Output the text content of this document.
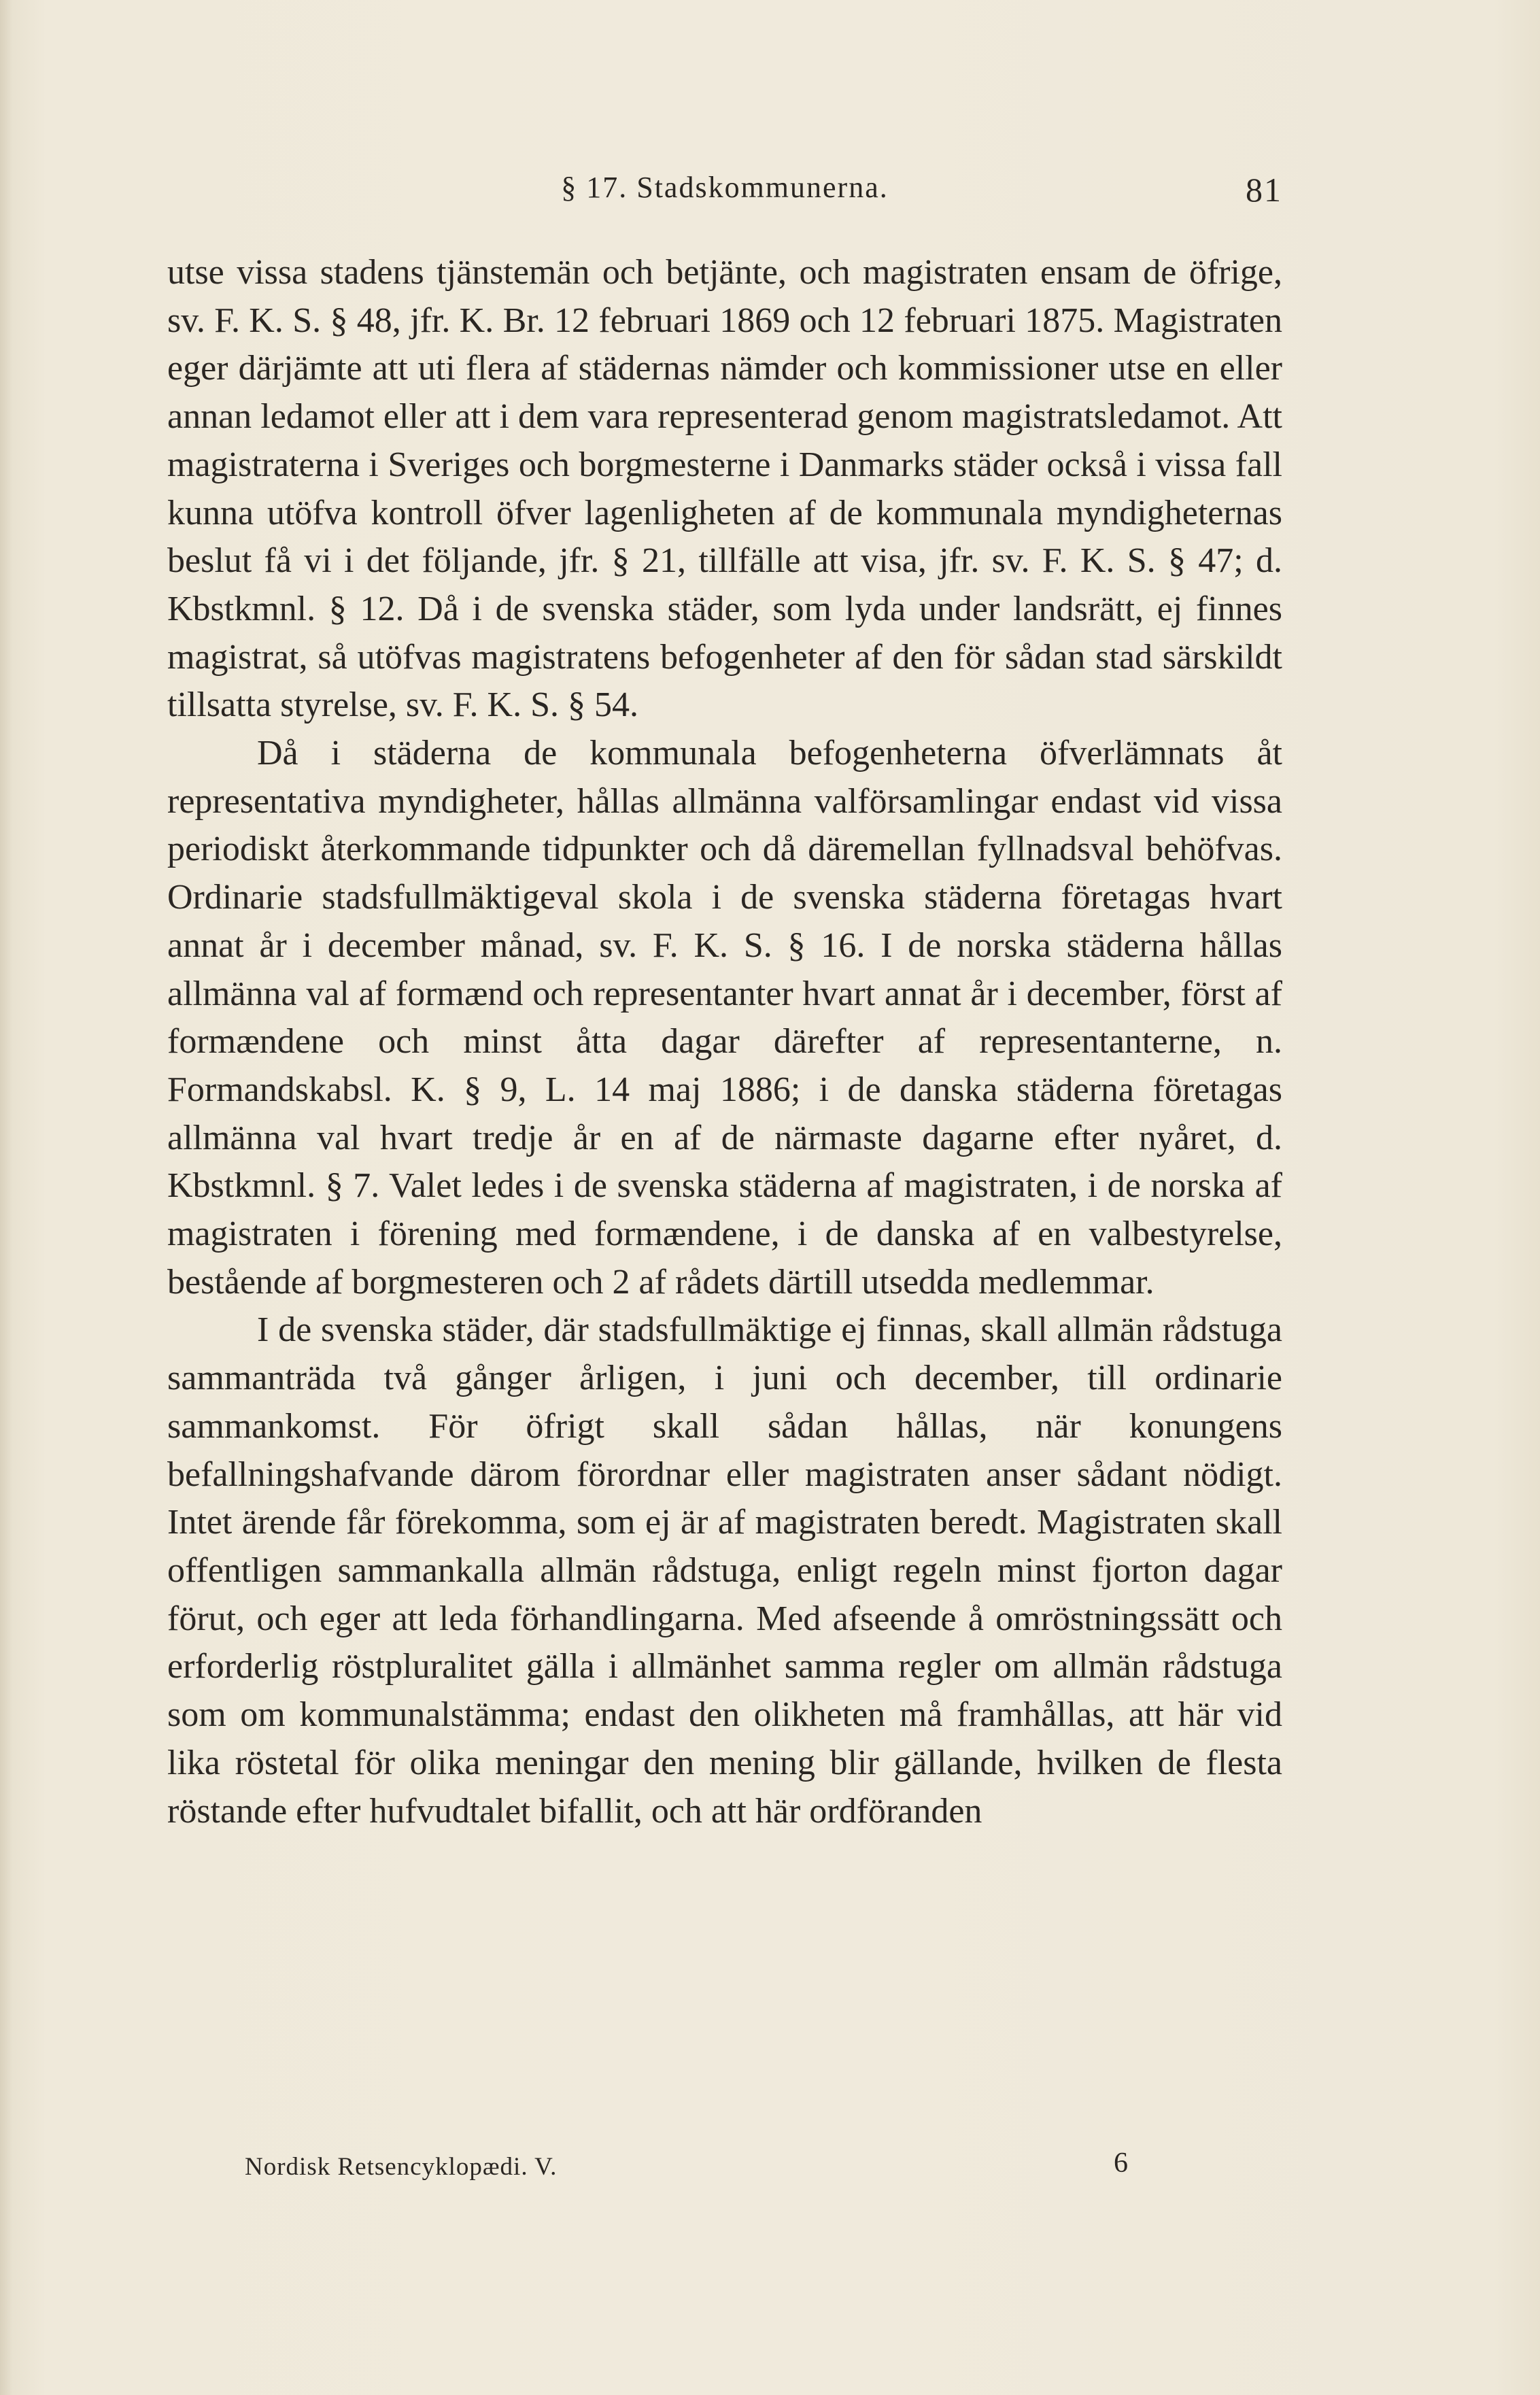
§ 17. Stadskommunerna.	81

utse vissa stadens tjänstemän och betjänte, och magistraten ensam de öfrige, sv. F. K. S. § 48, jfr. K. Br. 12 februari 1869 och 12 februari 1875. Magistraten eger därjämte att uti flera af städernas nämder och kommissioner utse en eller annan ledamot eller att i dem vara representerad genom magistratsledamot. Att magistraterna i Sveriges och borgmesterne i Danmarks städer också i vissa fall kunna utöfva kontroll öfver lagenligheten af de kommunala myndigheternas beslut få vi i det följande, jfr. § 21, tillfälle att visa, jfr. sv. F. K. S. § 47; d. Kbstkmnl. § 12. Då i de svenska städer, som lyda under landsrätt, ej finnes magistrat, så utöfvas magistratens befogenheter af den för sådan stad särskildt tillsatta styrelse, sv. F. K. S. § 54.

Då i städerna de kommunala befogenheterna öfverlämnats åt representativa myndigheter, hållas allmänna valförsamlingar endast vid vissa periodiskt återkommande tidpunkter och då däremellan fyllnadsval behöfvas. Ordinarie stadsfullmäktigeval skola i de svenska städerna företagas hvart annat år i december månad, sv. F. K. S. § 16. I de norska städerna hållas allmänna val af formænd och representanter hvart annat år i december, först af formændene och minst åtta dagar därefter af representanterne, n. Formandskabsl. K. § 9, L. 14 maj 1886; i de danska städerna företagas allmänna val hvart tredje år en af de närmaste dagarne efter nyåret, d. Kbstkmnl. § 7. Valet ledes i de svenska städerna af magistraten, i de norska af magistraten i förening med formændene, i de danska af en valbestyrelse, bestående af borgmesteren och 2 af rådets därtill utsedda medlemmar.

I de svenska städer, där stadsfullmäktige ej finnas, skall allmän rådstuga sammanträda två gånger årligen, i juni och december, till ordinarie sammankomst. För öfrigt skall sådan hållas, när konungens befallningshafvande därom förordnar eller magistraten anser sådant nödigt. Intet ärende får förekomma, som ej är af magistraten beredt. Magistraten skall offentligen sammankalla allmän rådstuga, enligt regeln minst fjorton dagar förut, och eger att leda förhandlingarna. Med afseende å omröstningssätt och erforderlig röstpluralitet gälla i allmänhet samma regler om allmän rådstuga som om kommunalstämma; endast den olikheten må framhållas, att här vid lika röstetal för olika meningar den mening blir gällande, hvilken de flesta röstande efter hufvudtalet bifallit, och att här ordföranden

Nordisk Retsencyklopædi. V.	6
